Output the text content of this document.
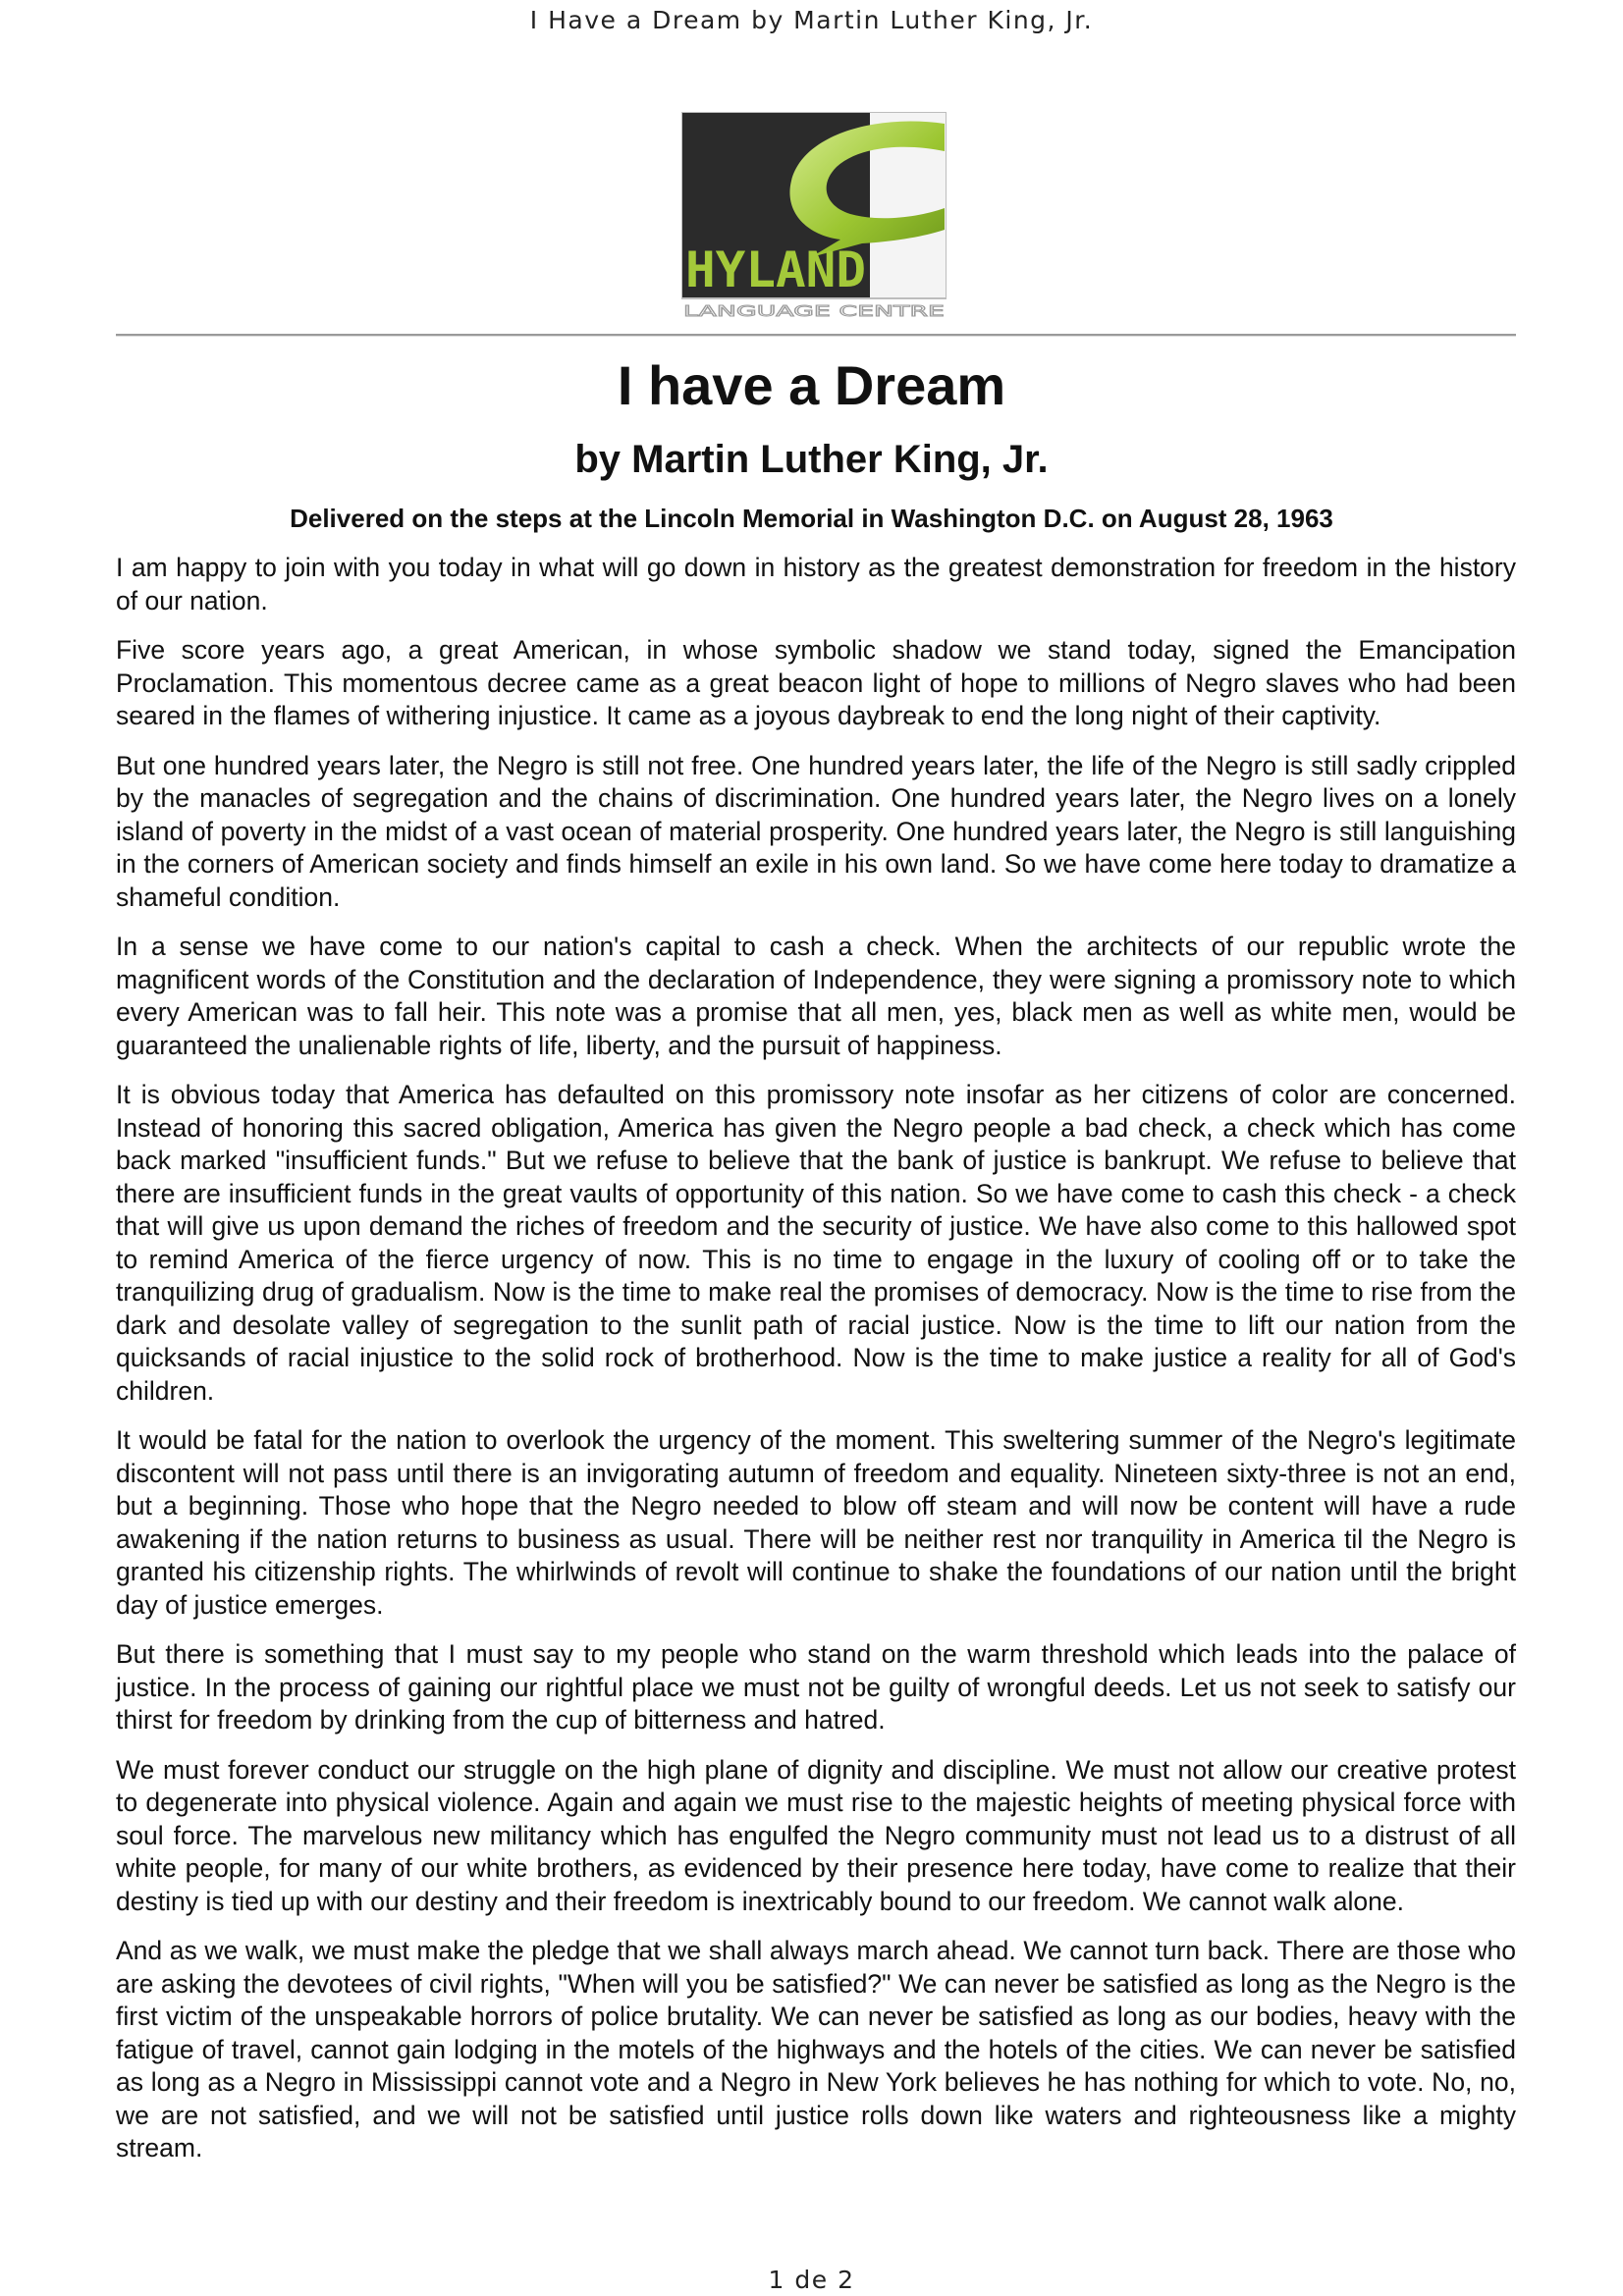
I Have a Dream by Martin Luther King, Jr.
HYLAND
LANGUAGE CENTRE
I have a Dream
by Martin Luther King, Jr.

Delivered on the steps at the Lincoln Memorial in Washington D.C. on August 28, 1963

I am happy to join with you today in what will go down in history as the greatest demonstration for freedom in the history of our nation.

Five score years ago, a great American, in whose symbolic shadow we stand today, signed the Emancipation Proclamation. This momentous decree came as a great beacon light of hope to millions of Negro slaves who had been seared in the flames of withering injustice. It came as a joyous daybreak to end the long night of their captivity.

But one hundred years later, the Negro is still not free. One hundred years later, the life of the Negro is still sadly crippled by the manacles of segregation and the chains of discrimination. One hundred years later, the Negro lives on a lonely island of poverty in the midst of a vast ocean of material prosperity. One hundred years later, the Negro is still languishing in the corners of American society and finds himself an exile in his own land. So we have come here today to dramatize a shameful condition.

In a sense we have come to our nation's capital to cash a check. When the architects of our republic wrote the magnificent words of the Constitution and the declaration of Independence, they were signing a promissory note to which every American was to fall heir. This note was a promise that all men, yes, black men as well as white men, would be guaranteed the unalienable rights of life, liberty, and the pursuit of happiness.

It is obvious today that America has defaulted on this promissory note insofar as her citizens of color are concerned. Instead of honoring this sacred obligation, America has given the Negro people a bad check, a check which has come back marked "insufficient funds." But we refuse to believe that the bank of justice is bankrupt. We refuse to believe that there are insufficient funds in the great vaults of opportunity of this nation. So we have come to cash this check - a check that will give us upon demand the riches of freedom and the security of justice. We have also come to this hallowed spot to remind America of the fierce urgency of now. This is no time to engage in the luxury of cooling off or to take the tranquilizing drug of gradualism. Now is the time to make real the promises of democracy. Now is the time to rise from the dark and desolate valley of segregation to the sunlit path of racial justice. Now is the time to lift our nation from the quicksands of racial injustice to the solid rock of brotherhood. Now is the time to make justice a reality for all of God's children.

It would be fatal for the nation to overlook the urgency of the moment. This sweltering summer of the Negro's legitimate discontent will not pass until there is an invigorating autumn of freedom and equality. Nineteen sixty-three is not an end, but a beginning. Those who hope that the Negro needed to blow off steam and will now be content will have a rude awakening if the nation returns to business as usual. There will be neither rest nor tranquility in America til the Negro is granted his citizenship rights. The whirlwinds of revolt will continue to shake the foundations of our nation until the bright day of justice emerges.

But there is something that I must say to my people who stand on the warm threshold which leads into the palace of justice. In the process of gaining our rightful place we must not be guilty of wrongful deeds. Let us not seek to satisfy our thirst for freedom by drinking from the cup of bitterness and hatred.

We must forever conduct our struggle on the high plane of dignity and discipline. We must not allow our creative protest to degenerate into physical violence. Again and again we must rise to the majestic heights of meeting physical force with soul force. The marvelous new militancy which has engulfed the Negro community must not lead us to a distrust of all white people, for many of our white brothers, as evidenced by their presence here today, have come to realize that their destiny is tied up with our destiny and their freedom is inextricably bound to our freedom. We cannot walk alone.

And as we walk, we must make the pledge that we shall always march ahead. We cannot turn back. There are those who are asking the devotees of civil rights, "When will you be satisfied?" We can never be satisfied as long as the Negro is the first victim of the unspeakable horrors of police brutality. We can never be satisfied as long as our bodies, heavy with the fatigue of travel, cannot gain lodging in the motels of the highways and the hotels of the cities. We can never be satisfied as long as a Negro in Mississippi cannot vote and a Negro in New York believes he has nothing for which to vote. No, no, we are not satisfied, and we will not be satisfied until justice rolls down like waters and righteousness like a mighty stream.

1 de 2
